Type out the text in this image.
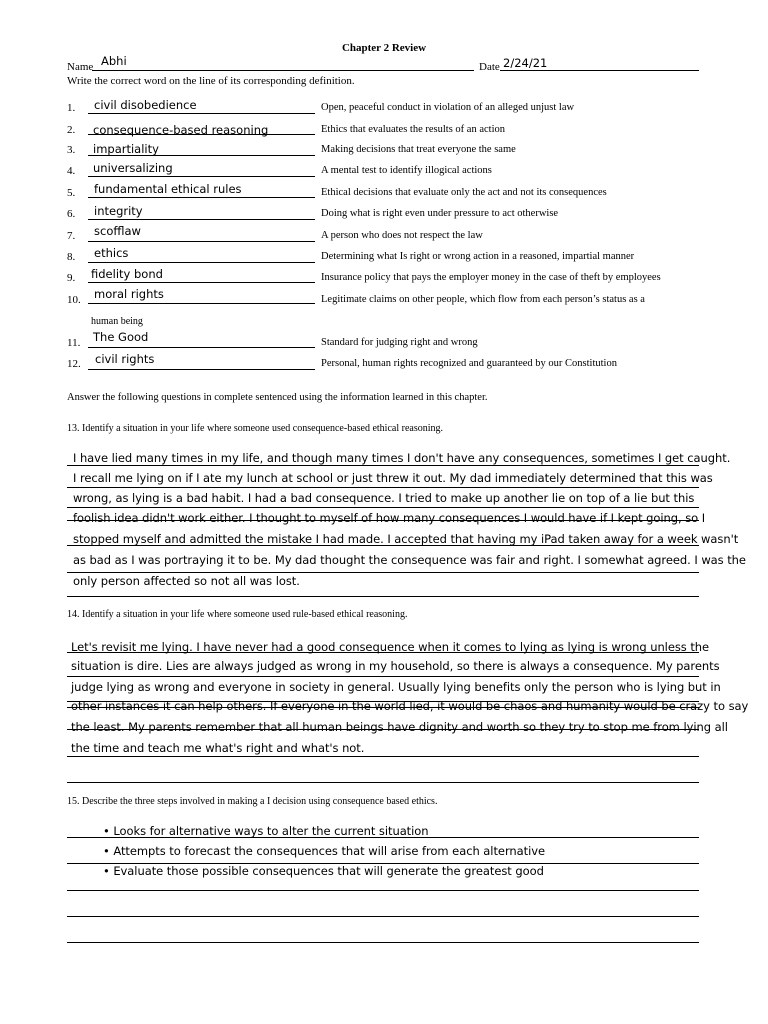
Chapter 2 Review
Name Abhi	Date 2/24/21
Write the correct word on the line of its corresponding definition.
1. civil disobedience	Open, peaceful conduct in violation of an alleged unjust law
2. consequence-based reasoning	Ethics that evaluates the results of an action
3. impartiality	Making decisions that treat everyone the same
4. universalizing	A mental test to identify illogical actions
5. fundamental ethical rules	Ethical decisions that evaluate only the act and not its consequences
6. integrity	Doing what is right even under pressure to act otherwise
7. scofflaw	A person who does not respect the law
8. ethics	Determining what Is right or wrong action in a reasoned, impartial manner
9. fidelity bond	Insurance policy that pays the employer money in the case of theft by employees
10. moral rights	Legitimate claims on other people, which flow from each person’s status as a
human being
11. The Good	Standard for judging right and wrong
12. civil rights	Personal, human rights recognized and guaranteed by our Constitution
Answer the following questions in complete sentenced using the information learned in this chapter.
13. Identify a situation in your life where someone used consequence-based ethical reasoning.
I have lied many times in my life, and though many times I don't have any consequences, sometimes I get caught.
I recall me lying on if I ate my lunch at school or just threw it out. My dad immediately determined that this was
wrong, as lying is a bad habit. I had a bad consequence. I tried to make up another lie on top of a lie but this
foolish idea didn't work either. I thought to myself of how many consequences I would have if I kept going, so I
stopped myself and admitted the mistake I had made. I accepted that having my iPad taken away for a week wasn't
as bad as I was portraying it to be. My dad thought the consequence was fair and right. I somewhat agreed. I was the
only person affected so not all was lost.
14. Identify a situation in your life where someone used rule-based ethical reasoning.
Let's revisit me lying. I have never had a good consequence when it comes to lying as lying is wrong unless the
situation is dire. Lies are always judged as wrong in my household, so there is always a consequence. My parents
judge lying as wrong and everyone in society in general. Usually lying benefits only the person who is lying but in
other instances it can help others. If everyone in the world lied, it would be chaos and humanity would be crazy to say
the least. My parents remember that all human beings have dignity and worth so they try to stop me from lying all
the time and teach me what's right and what's not.
15. Describe the three steps involved in making a I decision using consequence based ethics.
• Looks for alternative ways to alter the current situation
• Attempts to forecast the consequences that will arise from each alternative
• Evaluate those possible consequences that will generate the greatest good
